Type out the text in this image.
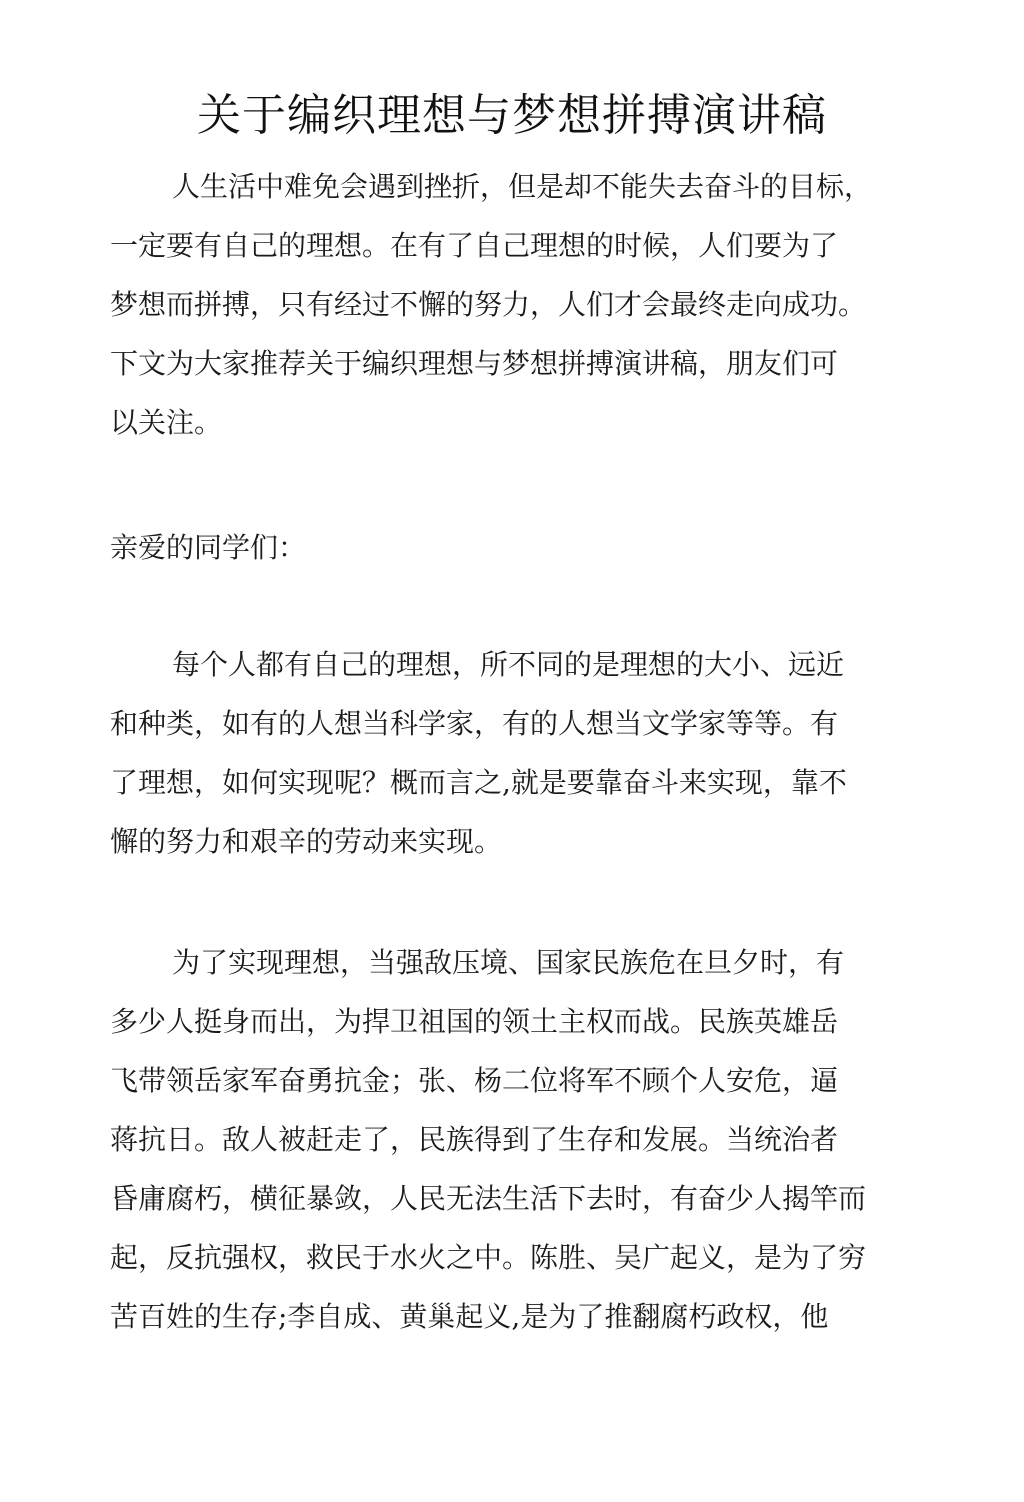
关于编织理想与梦想拼搏演讲稿

人生活中难免会遇到挫折，但是却不能失去奋斗的目标，
一定要有自己的理想。在有了自己理想的时候，人们要为了
梦想而拼搏，只有经过不懈的努力，人们才会最终走向成功。
下文为大家推荐关于编织理想与梦想拼搏演讲稿，朋友们可
以关注。

亲爱的同学们：

每个人都有自己的理想，所不同的是理想的大小、远近
和种类，如有的人想当科学家，有的人想当文学家等等。有
了理想，如何实现呢？概而言之,就是要靠奋斗来实现，靠不
懈的努力和艰辛的劳动来实现。

为了实现理想，当强敌压境、国家民族危在旦夕时，有
多少人挺身而出，为捍卫祖国的领土主权而战。民族英雄岳
飞带领岳家军奋勇抗金；张、杨二位将军不顾个人安危，逼
蒋抗日。敌人被赶走了，民族得到了生存和发展。当统治者
昏庸腐朽，横征暴敛，人民无法生活下去时，有奋少人揭竿而
起，反抗强权，救民于水火之中。陈胜、吴广起义，是为了穷
苦百姓的生存;李自成、黄巢起义,是为了推翻腐朽政权，他
